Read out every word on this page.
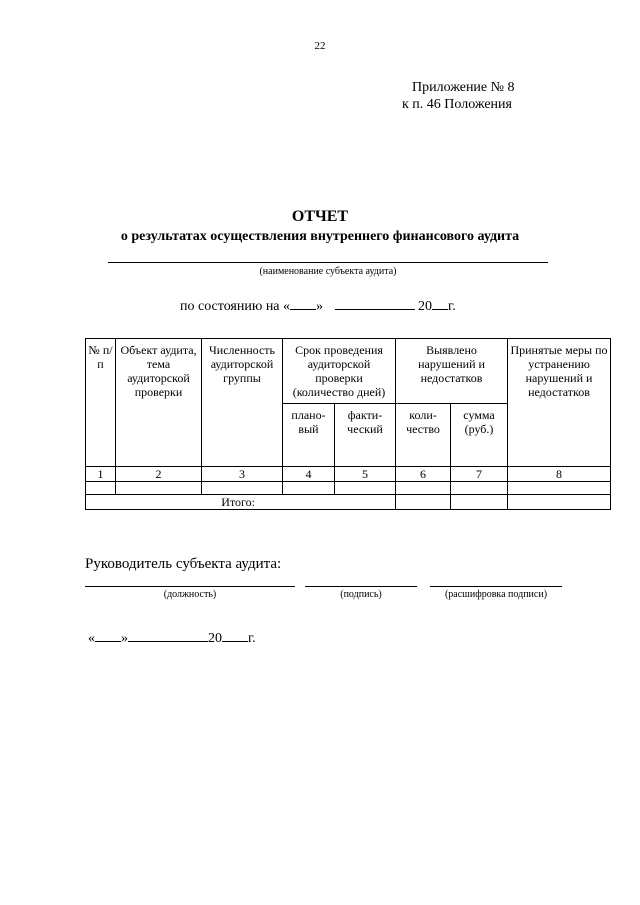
22
Приложение № 8
к п. 46 Положения
ОТЧЕТ
о результатах осуществления внутреннего финансового аудита
(наименование субъекта аудита)
по состоянию на « »	20 г.
№ п/п	Объект аудита, тема аудиторской проверки	Численность аудиторской группы	Срок проведения аудиторской проверки (количество дней)		Выявлено нарушений и недостатков		Принятые меры по устранению нарушений и недостатков
			плано-вый	факти-ческий	коли-чество	сумма (руб.)	
1	2	3	4	5	6	7	8

Итого:							
Руководитель субъекта аудита:
(должность)	(подпись)	(расшифровка подписи)
« »	20 г.
